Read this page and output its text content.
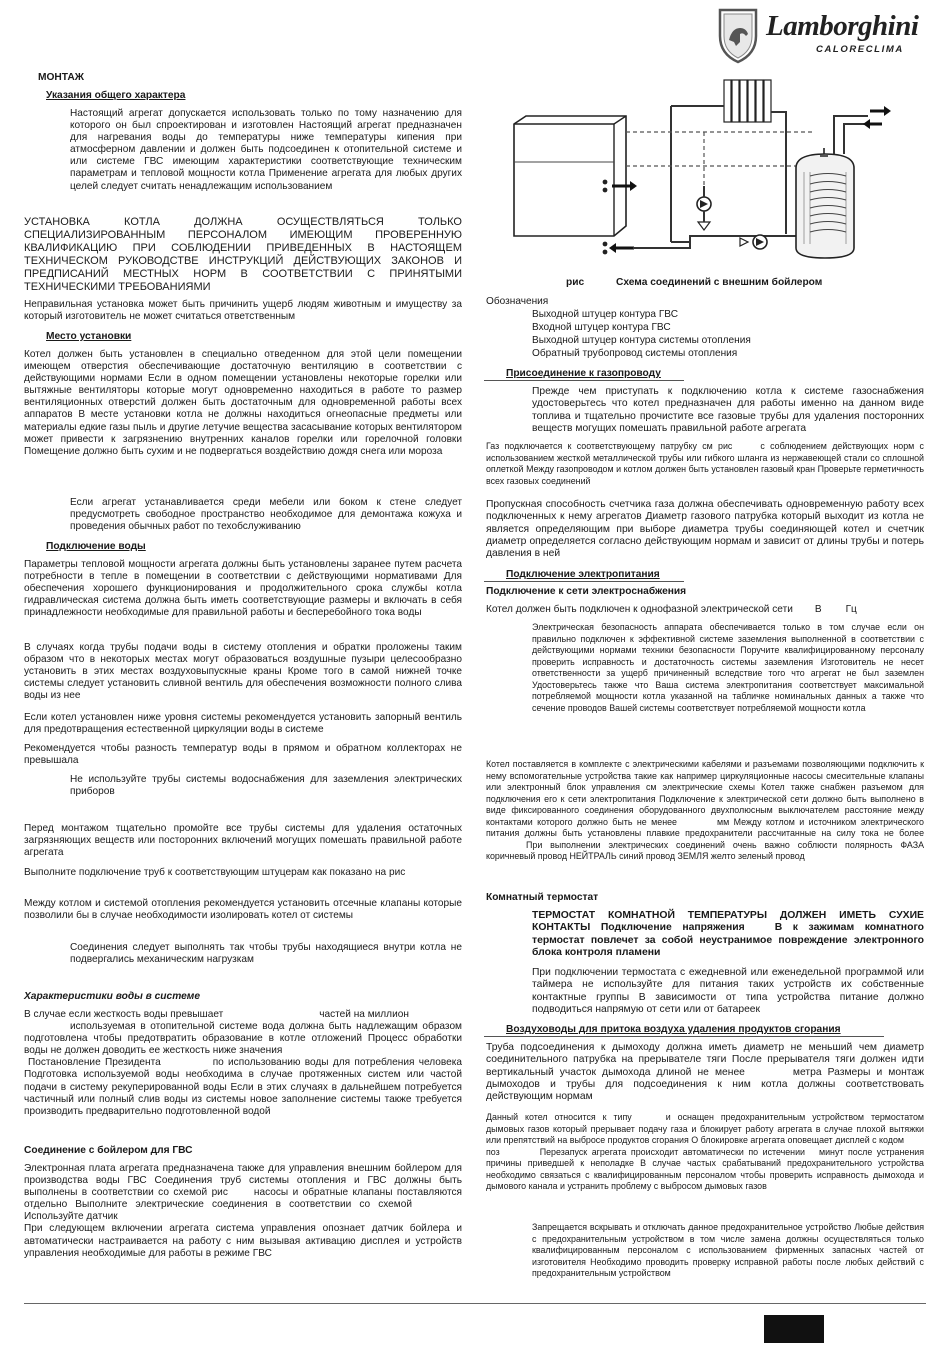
Lamborghini
CALORECLIMA
МОНТАЖ
Указания общего характера
Настоящий агрегат допускается использовать только по тому назначению для которого он был спроектирован и изготовлен Настоящий агрегат предназначен для нагревания воды до температуры ниже температуры кипения при атмосферном давлении и должен быть подсоединен к отопительной системе и или системе ГВС имеющим характеристики соответствующие техническим параметрам и тепловой мощности котла Применение агрегата для любых других целей следует считать ненадлежащим использованием
УСТАНОВКА КОТЛА ДОЛЖНА ОСУЩЕСТВЛЯТЬСЯ ТОЛЬКО СПЕЦИАЛИЗИРОВАННЫМ ПЕРСОНАЛОМ ИМЕЮЩИМ ПРОВЕРЕННУЮ КВАЛИФИКАЦИЮ ПРИ СОБЛЮДЕНИИ ПРИВЕДЕННЫХ В НАСТОЯЩЕМ ТЕХНИЧЕСКОМ РУКОВОДСТВЕ ИНСТРУКЦИЙ ДЕЙСТВУЮЩИХ ЗАКОНОВ И ПРЕДПИСАНИЙ МЕСТНЫХ НОРМ В СООТВЕТСТВИИ С ПРИНЯТЫМИ ТЕХНИЧЕСКИМИ ТРЕБОВАНИЯМИ
Неправильная установка может быть причинить ущерб людям животным и имуществу за который изготовитель не может считаться ответственным
Место установки
Котел должен быть установлен в специально отведенном для этой цели помещении имеющем отверстия обеспечивающие достаточную вентиляцию в соответствии с действующими нормами Если в одном помещении установлены некоторые горелки или вытяжные вентиляторы которые могут одновременно находиться в работе то размер вентиляционных отверстий должен быть достаточным для одновременной работы всех аппаратов В месте установки котла не должны находиться огнеопасные предметы или материалы едкие газы пыль и другие летучие вещества засасывание которых вентилятором может привести к загрязнению внутренних каналов горелки или горелочной головки Помещение должно быть сухим и не подвергаться воздействию дождя снега или мороза
Если агрегат устанавливается среди мебели или боком к стене следует предусмотреть свободное пространство необходимое для демонтажа кожуха и проведения обычных работ по техобслуживанию
Подключение воды
Параметры тепловой мощности агрегата должны быть установлены заранее путем расчета потребности в тепле в помещении в соответствии с действующими нормативами Для обеспечения хорошего функционирования и продолжительного срока службы котла гидравлическая система должна быть иметь соответствующие размеры и включать в себя принадлежности необходимые для правильной работы и бесперебойного тока воды
В случаях когда трубы подачи воды в систему отопления и обратки проложены таким образом что в некоторых местах могут образоваться воздушные пузыри целесообразно установить в этих местах воздуховыпускные краны Кроме того в самой нижней точке системы следует установить сливной вентиль для обеспечения возможности полного слива воды из нее
Если котел установлен ниже уровня системы рекомендуется установить запорный вентиль для предотвращения естественной циркуляции воды в системе
Рекомендуется чтобы разность температур воды в прямом и обратном коллекторах не превышала
Не используйте трубы системы водоснабжения для заземления электрических приборов
Перед монтажом тщательно промойте все трубы системы для удаления остаточных загрязняющих веществ или посторонних включений могущих помешать правильной работе агрегата
Выполните подключение труб к соответствующим штуцерам как показано на рис
Между котлом и системой отопления рекомендуется установить отсечные клапаны которые позволили бы в случае необходимости изолировать котел от системы
Соединения следует выполнять так чтобы трубы находящиеся внутри котла не подвергались механическим нагрузкам
Характеристики воды в системе
В случае если жесткость воды превышает	частей на миллион
используемая в отопительной системе вода должна быть надлежащим образом подготовлена чтобы предотвратить образование в котле отложений Процесс обработки воды не должен доводить ее жесткость ниже значения
Постановление Президента	по использованию воды для потребления человека Подготовка используемой воды необходима в случае протяженных систем или частой подачи в систему рекуперированной воды Если в этих случаях в дальнейшем потребуется частичный или полный слив воды из системы новое заполнение системы также требуется производить предварительно подготовленной водой
Соединение с бойлером для ГВС
Электронная плата агрегата предназначена также для управления внешним бойлером для производства воды ГВС Соединения труб системы отопления и ГВС должны быть выполнены в соответствии со схемой рис	насосы и обратные клапаны поставляются отдельно Выполните электрические соединения в соответствии со схемойИспользуйте датчик
При следующем включении агрегата система управления опознает датчик бойлера и автоматически настраивается на работу с ним вызывая активацию дисплея и устройств управления необходимые для работы в режиме ГВС
рис	Схема соединений с внешним бойлером
Обозначения
Выходной штуцер контура ГВС
Входной штуцер контура ГВС
Выходной штуцер контура системы отопления
Обратный трубопровод системы отопления
Присоединение к газопроводу
Прежде чем приступать к подключению котла к системе газоснабжения удостоверьтесь что котел предназначен для работы именно на данном виде топлива и тщательно прочистите все газовые трубы для удаления посторонних веществ могущих помешать правильной работе агрегата
Газ подключается к соответствующему патрубку см рис	с соблюдением действующих норм с использованием жесткой металлической трубы или гибкого шланга из нержавеющей стали со сплошной оплеткой Между газопроводом и котлом должен быть установлен газовый кран Проверьте герметичность всех газовых соединений
Пропускная способность счетчика газа должна обеспечивать одновременную работу всех подключенных к нему агрегатов Диаметр газового патрубка который выходит из котла не является определяющим при выборе диаметра трубы соединяющей котел и счетчик диаметр определяется согласно действующим нормам и зависит от длины трубы и потерь давления в ней
Подключение электропитания
Подключение к сети электроснабжения
Котел должен быть подключен к однофазной электрической сети В Гц
Электрическая безопасность аппарата обеспечивается только в том случае если он правильно подключен к эффективной системе заземления выполненной в соответствии с действующими нормами техники безопасности Поручите квалифицированному персоналу проверить исправность и достаточность системы заземления Изготовитель не несет ответственности за ущерб причиненный вследствие того что агрегат не был заземлен Удостоверьтесь также что Ваша система электропитания соответствует максимальной потребляемой мощности котла указанной на табличке номинальных данных а также что сечение проводов Вашей системы соответствует потребляемой мощности котла
Котел поставляется в комплекте с электрическими кабелями и разъемами позволяющими подключить к нему вспомогательные устройства такие как например циркуляционные насосы смесительные клапаны или электронный блок управления см электрические схемы Котел также снабжен разъемом для подключения его к сети электропитания Подключение к электрической сети должно быть выполнено в виде фиксированного соединения оборудованного двухполюсным выключателем расстояние между контактами которого должно быть не менее	мм Между котлом и источником электрического питания должны быть установлены плавкие предохранители рассчитанные на силу тока не болееПри выполнении электрических соединений очень важно соблюсти полярность ФАЗА коричневый провод НЕЙТРАЛЬ синий провод ЗЕМЛЯ желто зеленый провод
Комнатный термостат
ТЕРМОСТАТ КОМНАТНОЙ ТЕМПЕРАТУРЫ ДОЛЖЕН ИМЕТЬ СУХИЕ КОНТАКТЫ Подключение напряжения	В к зажимам комнатного термостат повлечет за собой неустранимое повреждение электронного блока контроля пламени
При подключении термостата с ежедневной или еженедельной программой или таймера не используйте для питания таких устройств их собственные контактные группы В зависимости от типа устройства питание должно подводиться напрямую от сети или от батареек
Воздуховоды для притока воздуха удаления продуктов сгорания
Труба подсоединения к дымоходу должна иметь диаметр не меньший чем диаметр соединительного патрубка на прерывателе тяги После прерывателя тяги должен идти вертикальный участок дымохода длиной не менее	метра Размеры и монтаж дымоходов и трубы для подсоединения к ним котла должны соответствовать действующим нормам
Данный котел относится к типу	и оснащен предохранительным устройством термостатом дымовых газов который прерывает подачу газа и блокирует работу агрегата в случае плохой вытяжки или препятствий на выбросе продуктов сгорания О блокировке агрегата оповещает дисплей с кодомпоз	Перезапуск агрегата происходит автоматически по истечении минут после устранения причины приведшей к неполадке В случае частых срабатываний предохранительного устройства необходимо связаться с квалифицированным персоналом чтобы проверить исправность дымохода и дымового канала и устранить проблему с выбросом дымовых газов
Запрещается вскрывать и отключать данное предохранительное устройство Любые действия с предохранительным устройством в том числе замена должны осуществляться только квалифицированным персоналом с использованием фирменных запасных частей от изготовителя Необходимо проводить проверку исправной работы после любых действий с предохранительным устройством
